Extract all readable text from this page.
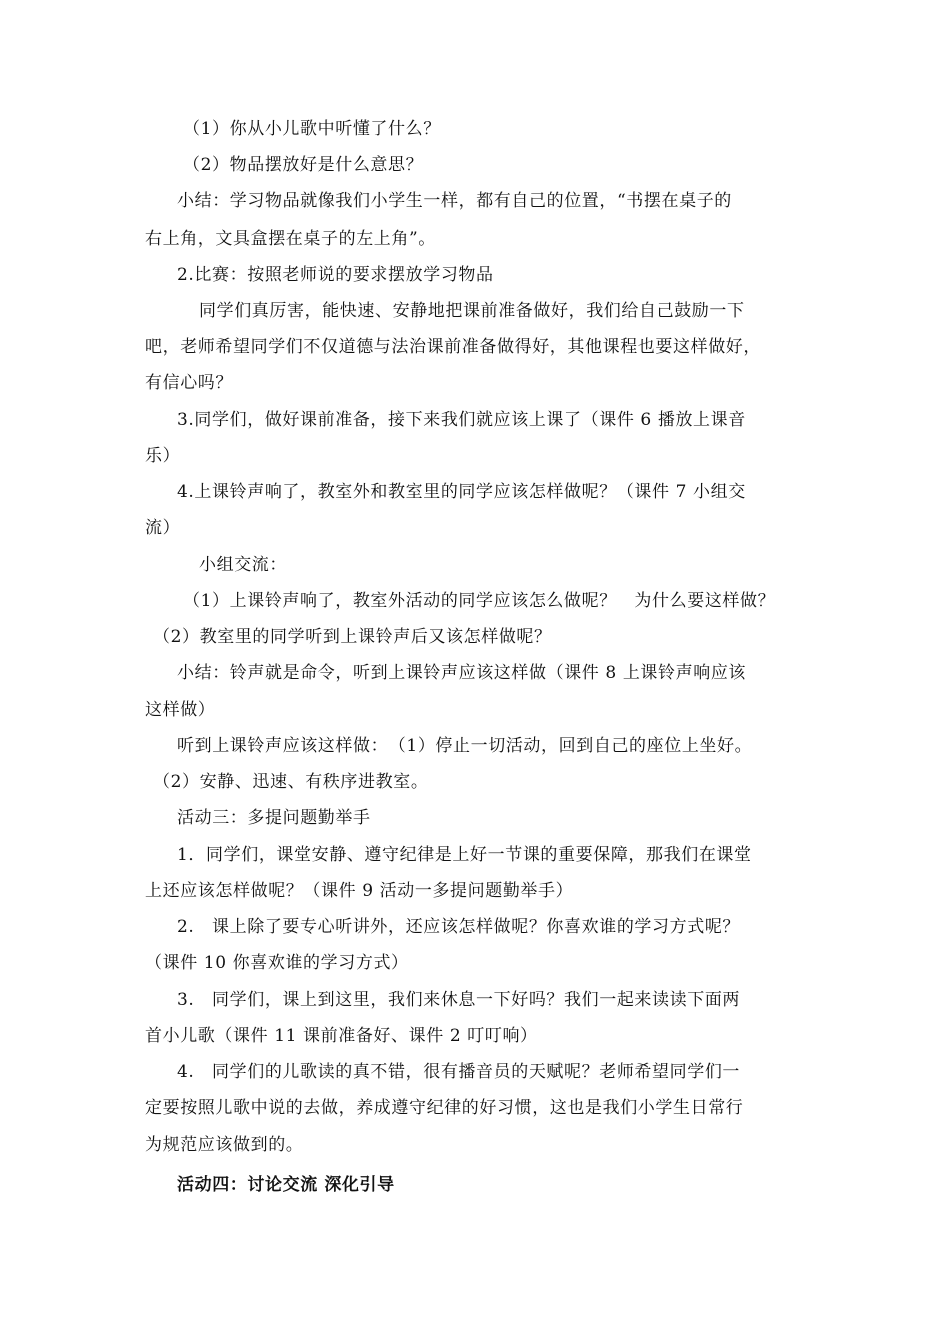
（1）你从小儿歌中听懂了什么？
（2）物品摆放好是什么意思？
小结：学习物品就像我们小学生一样，都有自己的位置，“书摆在桌子的
右上角，文具盒摆在桌子的左上角”。
2.比赛：按照老师说的要求摆放学习物品
同学们真厉害，能快速、安静地把课前准备做好，我们给自己鼓励一下
吧，老师希望同学们不仅道德与法治课前准备做得好，其他课程也要这样做好，
有信心吗？
3.同学们，做好课前准备，接下来我们就应该上课了（课件 6 播放上课音
乐）
4.上课铃声响了，教室外和教室里的同学应该怎样做呢？（课件 7 小组交
流）
小组交流：
（1）上课铃声响了，教室外活动的同学应该怎么做呢？　为什么要这样做？
（2）教室里的同学听到上课铃声后又该怎样做呢？
小结：铃声就是命令，听到上课铃声应该这样做（课件 8 上课铃声响应该
这样做）
听到上课铃声应该这样做：　（1）停止一切活动，回到自己的座位上坐好。
（2）安静、迅速、有秩序进教室。
活动三：多提问题勤举手
1．同学们，课堂安静、遵守纪律是上好一节课的重要保障，那我们在课堂
上还应该怎样做呢？（课件 9 活动一多提问题勤举手）
2.　课上除了要专心听讲外，还应该怎样做呢？你喜欢谁的学习方式呢？
（课件 10 你喜欢谁的学习方式）
3.　同学们，课上到这里，我们来休息一下好吗？我们一起来读读下面两
首小儿歌（课件 11 课前准备好、课件 2 叮叮响）
4.　同学们的儿歌读的真不错，很有播音员的天赋呢？老师希望同学们一
定要按照儿歌中说的去做，养成遵守纪律的好习惯，这也是我们小学生日常行
为规范应该做到的。
活动四：讨论交流 深化引导
